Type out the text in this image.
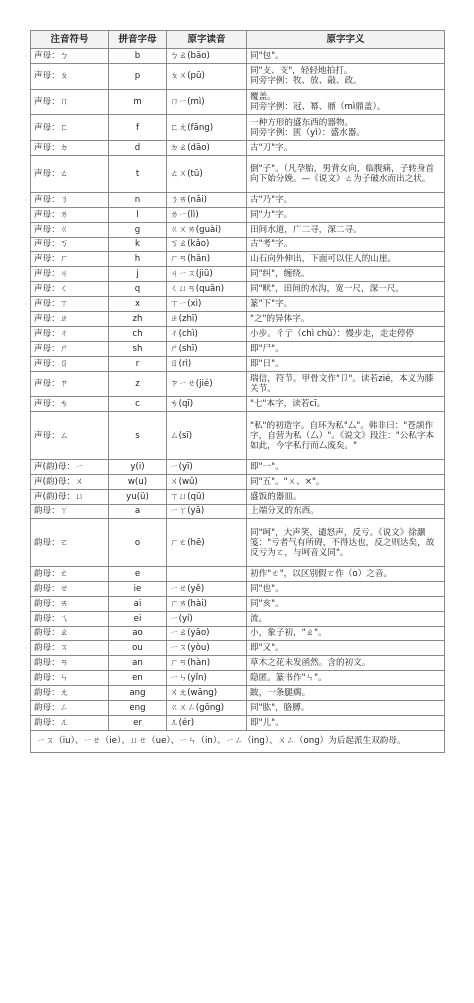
注音符号	拼音字母	原字读音	原字字义
声母：ㄅ	b	ㄅㄠ(bāo)	同"包"。
声母：ㄆ	p	ㄆㄨ(pū)	同"攴、支"，轻轻地拍打。
同旁字例：牧、放、敲、政。
声母：ㄇ	m	ㄇㄧ(mì)	覆盖。
同旁字例：冠、幂、鼏（mì鼎盖）。
声母：ㄈ	f	ㄈㄤ(fāng)	一种方形的盛东西的器物。
同旁字例：匧（yì）：盛水器。
声母：ㄉ	d	ㄉㄠ(dāo)	古"刀"字。
声母：ㄊ	t	ㄊㄨ(tū)	倒"子"。（凡孕胎，男背女向，临腹痛，子转身首向下始分娩。—《说文》ㄊ为子破水而出之状。
声母：ㄋ	n	ㄋㄞ(nǎi)	古"乃"字。
声母：ㄌ	l	ㄌㄧ(lì)	同"力"字。
声母：ㄍ	g	ㄍㄨㄞ(guài)	田间水道，广二寻，深二寻。
声母：ㄎ	k	ㄎㄠ(kǎo)	古"考"字。
声母：ㄏ	h	ㄏㄢ(hǎn)	山石向外伸出，下面可以住人的山崖。
声母：ㄐ	j	ㄐㄧㄡ(jiū)	同"纠"，缠绕。
声母：ㄑ	q	ㄑㄩㄢ(quǎn)	同"畎"，田间的水沟，宽一尺，深一尺。
声母：ㄒ	x	ㄒㄧ(xì)	篆"下"字。
声母：ㄓ	zh	ㄓ(zhī)	"之"的异体字。
声母：ㄔ	ch	ㄔ(chì)	小步。彳亍（chì chù）：慢步走，走走停停
声母：ㄕ	sh	ㄕ(shī)	即"尸"。
声母：ㄖ	r	ㄖ(rì)	即"日"。
声母：ㄗ	z	ㄗㄧㄝ(jié)	瑞信，符节。甲骨文作"卩"。读若zié，本义为膝关节。
声母：ㄘ	c	ㄘ(qī)	"七"本字，读若cī。
声母：ㄙ	s	ㄙ(sī)	"私"的初造字。自环为私"厶"。韩非曰："苍颉作字，自营为私（厶）"。《说文》段注："公私字本如此，今字私行而厶废矣。"
声(韵)母：ㄧ	y(i)	ㄧ(yī)	即"一"。
声(韵)母：ㄨ	w(u)	ㄨ(wǔ)	同"五"。"ㄨ、×"。
声(韵)母：ㄩ	yu(ü)	ㄒㄩ(qū)	盛饭的器皿。
韵母：ㄚ	a	ㄧㄚ(yā)	上端分叉的东西。
韵母：ㄛ	o	ㄏㄜ(hē)	同"呵"，大声笑，谴怒声，反亏。《说文》徐灏笺："亏者气有所碍，不得达也，反之则达矣，故反亏为ㄛ，与呵音义同"。
韵母：ㄜ	e		初作"ㄜ"，以区别假ㄛ作（o）之音。
韵母：ㄝ	ie	ㄧㄝ(yě)	同"也"。
韵母：ㄞ	ai	ㄏㄞ(hài)	同"亥"。
韵母：ㄟ	ei	ㄧ(yí)	流。
韵母：ㄠ	ao	ㄧㄠ(yāo)	小，象子初，"ㄠ"。
韵母：ㄡ	ou	ㄧㄡ(yòu)	即"又"。
韵母：ㄢ	an	ㄏㄢ(hàn)	草木之花未发函然。含的初文。
韵母：ㄣ	en	ㄧㄣ(yǐn)	隐匿。篆书作"ㄣ"。
韵母：ㄤ	ang	ㄨㄤ(wāng)	跛，一条腿瘸。
韵母：ㄥ	eng	ㄍㄨㄥ(gōng)	同"肱"，胳膊。
韵母：ㄦ	er	ㄦ(ér)	即"儿"。
ㄧㄡ（iu）、ㄧㄝ（ie）、ㄩㄝ（ue）、ㄧㄣ（in）、ㄧㄥ（ing）、ㄨㄥ（ong）为后起派生双韵母。			
